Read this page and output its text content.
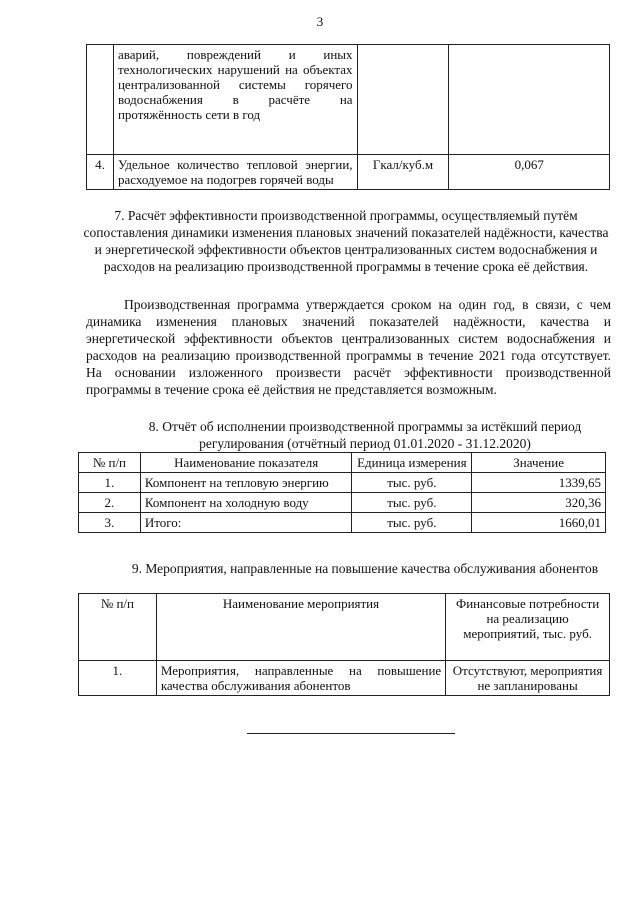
3
	аварий, повреждений и иных технологических нарушений на объектах централизованной системы горячего водоснабжения в расчёте на протяжённость сети в год		
4.	Удельное количество тепловой энергии, расходуемое на подогрев горячей воды	Гкал/куб.м	0,067
7. Расчёт эффективности производственной программы, осуществляемый путём сопоставления динамики изменения плановых значений показателей надёжности, качества и энергетической эффективности объектов централизованных систем водоснабжения и расходов на реализацию производственной программы в течение срока её действия.
Производственная программа утверждается сроком на один год, в связи, с чем динамика изменения плановых значений показателей надёжности, качества и энергетической эффективности объектов централизованных систем водоснабжения и расходов на реализацию производственной программы в течение 2021 года отсутствует. На основании изложенного произвести расчёт эффективности производственной программы в течение срока её действия не представляется возможным.
8. Отчёт об исполнении производственной программы за истёкший период регулирования (отчётный период 01.01.2020 - 31.12.2020)
№ п/п	Наименование показателя	Единица измерения	Значение
1.	Компонент на тепловую энергию	тыс. руб.	1339,65
2.	Компонент на холодную воду	тыс. руб.	320,36
3.	Итого:	тыс. руб.	1660,01
9. Мероприятия, направленные на повышение качества обслуживания абонентов
№ п/п	Наименование мероприятия	Финансовые потребности на реализацию мероприятий, тыс. руб.
1.	Мероприятия, направленные на повышение качества обслуживания абонентов	Отсутствуют, мероприятия не запланированы
